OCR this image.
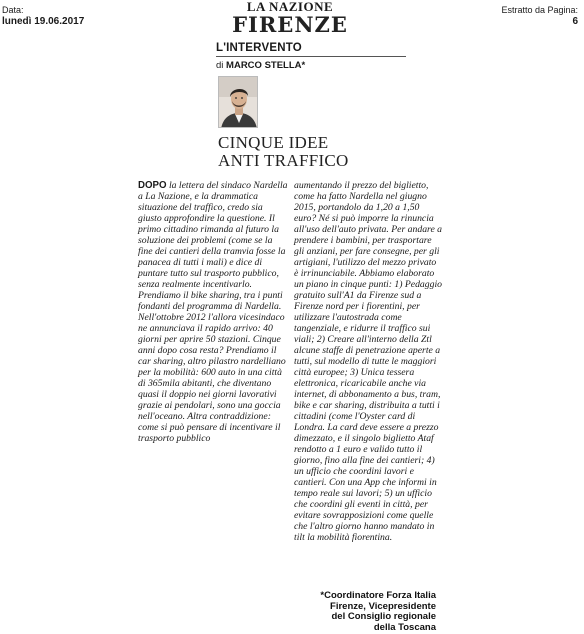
Data:
lunedì 19.06.2017
LA NAZIONE
FIRENZE
Estratto da Pagina:
6
L'INTERVENTO
di MARCO STELLA*
CINQUE IDEE
ANTI TRAFFICO
DOPO la lettera del sindaco Nardella a La Nazione, e la drammatica situazione del traffico, credo sia giusto approfondire la questione. Il primo cittadino rimanda al futuro la soluzione dei problemi (come se la fine dei cantieri della tramvia fosse la panacea di tutti i mali) e dice di puntare tutto sul trasporto pubblico, senza realmente incentivarlo. Prendiamo il bike sharing, tra i punti fondanti del programma di Nardella. Nell'ottobre 2012 l'allora vicesindaco ne annunciava il rapido arrivo: 40 giorni per aprire 50 stazioni. Cinque anni dopo cosa resta? Prendiamo il car sharing, altro pilastro nardelliano per la mobilità: 600 auto in una città di 365mila abitanti, che diventano quasi il doppio nei giorni lavorativi grazie ai pendolari, sono una goccia nell'oceano. Altra contraddizione: come si può pensare di incentivare il trasporto pubblico
aumentando il prezzo del biglietto, come ha fatto Nardella nel giugno 2015, portandolo da 1,20 a 1,50 euro? Né si può imporre la rinuncia all'uso dell'auto privata. Per andare a prendere i bambini, per trasportare gli anziani, per fare consegne, per gli artigiani, l'utilizzo del mezzo privato è irrinunciabile. Abbiamo elaborato un piano in cinque punti: 1) Pedaggio gratuito sull'A1 da Firenze sud a Firenze nord per i fiorentini, per utilizzare l'autostrada come tangenziale, e ridurre il traffico sui viali; 2) Creare all'interno della Ztl alcune staffe di penetrazione aperte a tutti, sul modello di tutte le maggiori città europee; 3) Unica tessera elettronica, ricaricabile anche via internet, di abbonamento a bus, tram, bike e car sharing, distribuita a tutti i cittadini (come l'Oyster card di Londra. La card deve essere a prezzo dimezzato, e il singolo biglietto Ataf rendotto a 1 euro e valido tutto il giorno, fino alla fine dei cantieri; 4) un ufficio che coordini lavori e cantieri. Con una App che informi in tempo reale sui lavori; 5) un ufficio che coordini gli eventi in città, per evitare sovrapposizioni come quelle che l'altro giorno hanno mandato in tilt la mobilità fiorentina.
*Coordinatore Forza Italia
Firenze, Vicepresidente
del Consiglio regionale
della Toscana
